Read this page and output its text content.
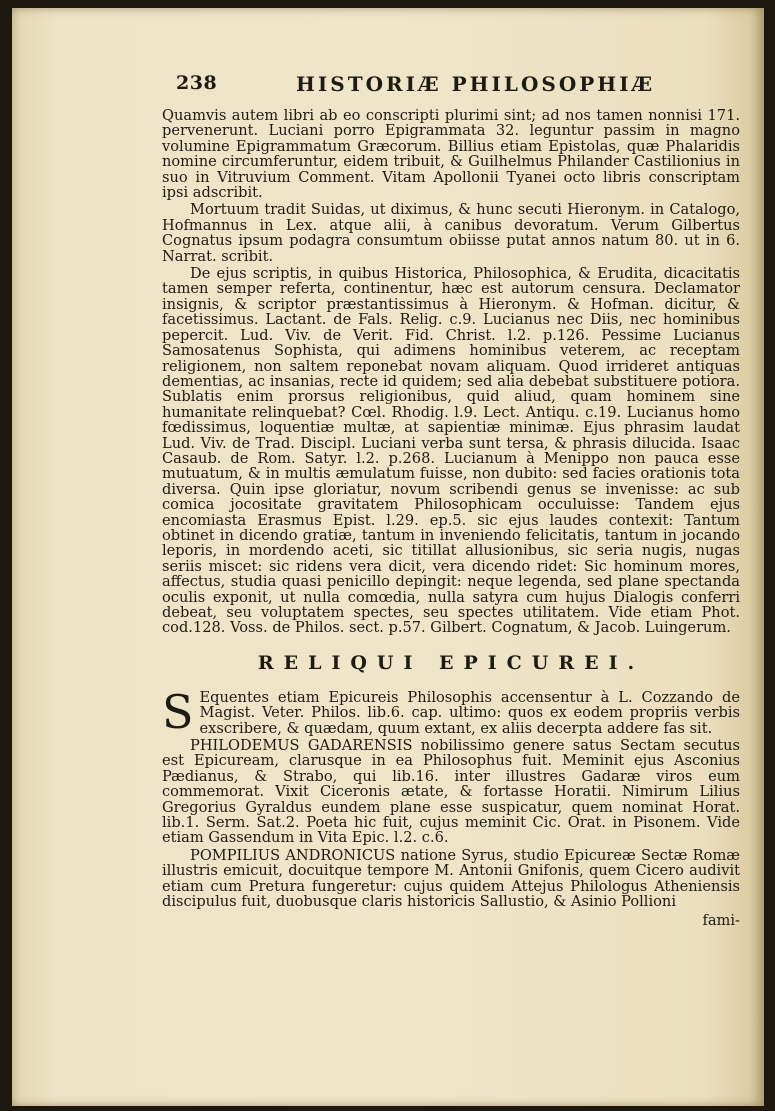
238	HISTORIÆ PHILOSOPHIÆ

Quamvis autem libri ab eo conscripti plurimi sint; ad nos tamen nonnisi 171. pervenerunt. Luciani porro Epigrammata 32. leguntur passim in magno volumine Epigrammatum Græcorum. Billius etiam Epistolas, quæ Phalaridis nomine circumferuntur, eidem tribuit, & Guilhelmus Philander Castilionius in suo in Vitruvium Comment. Vitam Apollonii Tyanei octo libris conscriptam ipsi adscribit.

Mortuum tradit Suidas, ut diximus, & hunc secuti Hieronym. in Catalogo, Hofmannus in Lex. atque alii, à canibus devoratum. Verum Gilbertus Cognatus ipsum podagra consumtum obiisse putat annos natum 80. ut in 6. Narrat. scribit.

De ejus scriptis, in quibus Historica, Philosophica, & Erudita, dicacitatis tamen semper referta, continentur, hæc est autorum censura. Declamator insignis, & scriptor præstantissimus à Hieronym. & Hofman. dicitur, & facetissimus. Lactant. de Fals. Relig. c.9. Lucianus nec Diis, nec hominibus pepercit. Lud. Viv. de Verit. Fid. Christ. l.2. p.126. Pessime Lucianus Samosatenus Sophista, qui adimens hominibus veterem, ac receptam religionem, non saltem reponebat novam aliquam. Quod irrideret antiquas dementias, ac insanias, recte id quidem; sed alia debebat substituere potiora. Sublatis enim prorsus religionibus, quid aliud, quam hominem sine humanitate relinquebat? Cœl. Rhodig. l.9. Lect. Antiqu. c.19. Lucianus homo fœdissimus, loquentiæ multæ, at sapientiæ minimæ. Ejus phrasim laudat Lud. Viv. de Trad. Discipl. Luciani verba sunt tersa, & phrasis dilucida. Isaac Casaub. de Rom. Satyr. l.2. p.268. Lucianum à Menippo non pauca esse mutuatum, & in multis æmulatum fuisse, non dubito: sed facies orationis tota diversa. Quin ipse gloriatur, novum scribendi genus se invenisse: ac sub comica jocositate gravitatem Philosophicam occuluisse: Tandem ejus encomiasta Erasmus Epist. l.29. ep.5. sic ejus laudes contexit: Tantum obtinet in dicendo gratiæ, tantum in inveniendo felicitatis, tantum in jocando leporis, in mordendo aceti, sic titillat allusionibus, sic seria nugis, nugas seriis miscet: sic ridens vera dicit, vera dicendo ridet: Sic hominum mores, affectus, studia quasi penicillo depingit: neque legenda, sed plane spectanda oculis exponit, ut nulla comœdia, nulla satyra cum hujus Dialogis conferri debeat, seu voluptatem spectes, seu spectes utilitatem. Vide etiam Phot. cod.128. Voss. de Philos. sect. p.57. Gilbert. Cognatum, & Jacob. Luingerum.

RELIQUI EPICUREI.

S Equentes etiam Epicureis Philosophis accensentur à L. Cozzando de Magist. Veter. Philos. lib.6. cap. ultimo: quos ex eodem propriis verbis exscribere, & quædam, quum extant, ex aliis decerpta addere fas sit.

PHILODEMUS GADARENSIS nobilissimo genere satus Sectam secutus est Epicuream, clarusque in ea Philosophus fuit. Meminit ejus Asconius Pædianus, & Strabo, qui lib.16. inter illustres Gadaræ viros eum commemorat. Vixit Ciceronis ætate, & fortasse Horatii. Nimirum Lilius Gregorius Gyraldus eundem plane esse suspicatur, quem nominat Horat. lib.1. Serm. Sat.2. Poeta hic fuit, cujus meminit Cic. Orat. in Pisonem. Vide etiam Gassendum in Vita Epic. l.2. c.6.

POMPILIUS ANDRONICUS natione Syrus, studio Epicureæ Sectæ Romæ illustris emicuit, docuitque tempore M. Antonii Gnifonis, quem Cicero audivit etiam cum Pretura fungeretur: cujus quidem Attejus Philologus Atheniensis discipulus fuit, duobusque claris historicis Sallustio, & Asinio Pollioni

fami-
